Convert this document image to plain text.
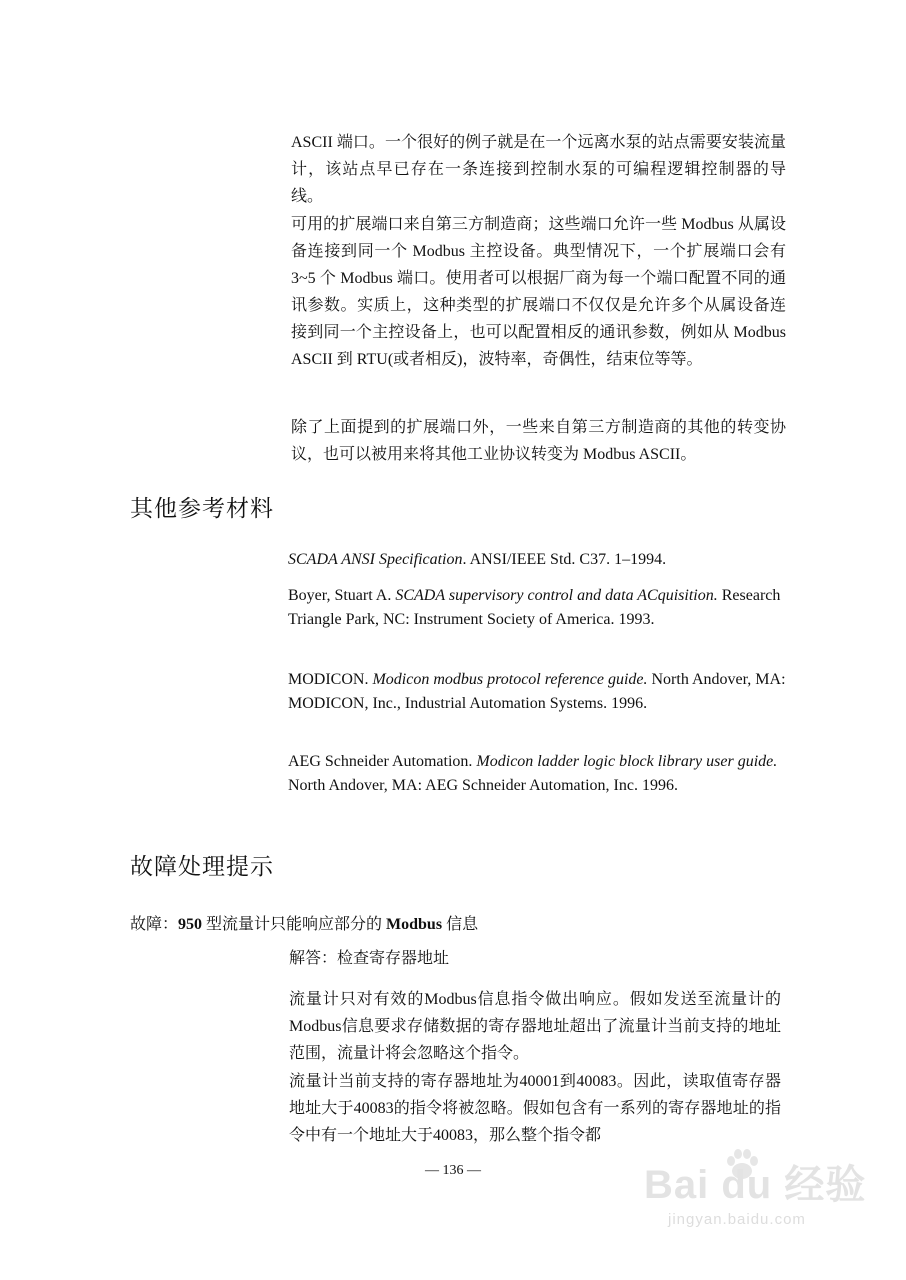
ASCII 端口。一个很好的例子就是在一个远离水泵的站点需要安装流量计，该站点早已存在一条连接到控制水泵的可编程逻辑控制器的导线。

可用的扩展端口来自第三方制造商；这些端口允许一些 Modbus 从属设备连接到同一个 Modbus 主控设备。典型情况下，一个扩展端口会有 3~5 个 Modbus 端口。使用者可以根据厂商为每一个端口配置不同的通讯参数。实质上，这种类型的扩展端口不仅仅是允许多个从属设备连接到同一个主控设备上，也可以配置相反的通讯参数，例如从 Modbus ASCII 到 RTU(或者相反)，波特率，奇偶性，结束位等等。

除了上面提到的扩展端口外，一些来自第三方制造商的其他的转变协议，也可以被用来将其他工业协议转变为 Modbus ASCII。

其他参考材料

SCADA ANSI Specification. ANSI/IEEE Std. C37. 1–1994.

Boyer, Stuart A. SCADA supervisory control and data ACquisition. Research Triangle Park, NC: Instrument Society of America. 1993.

MODICON. Modicon modbus protocol reference guide. North Andover, MA: MODICON, Inc., Industrial Automation Systems. 1996.

AEG Schneider Automation. Modicon ladder logic block library user guide. North Andover, MA: AEG Schneider Automation, Inc. 1996.

故障处理提示

故障：950 型流量计只能响应部分的 Modbus 信息

解答：检查寄存器地址

流量计只对有效的Modbus信息指令做出响应。假如发送至流量计的Modbus信息要求存储数据的寄存器地址超出了流量计当前支持的地址范围，流量计将会忽略这个指令。

流量计当前支持的寄存器地址为40001到40083。因此，读取值寄存器地址大于40083的指令将被忽略。假如包含有一系列的寄存器地址的指令中有一个地址大于40083，那么整个指令都

— 136 —	Bai du 经验
jingyan.baidu.com
